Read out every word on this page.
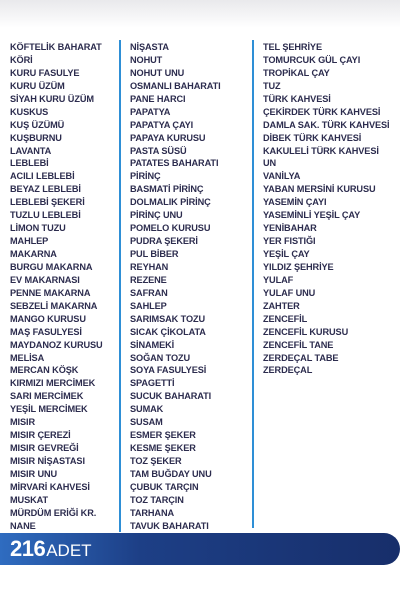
KÖFTELİK BAHARAT
KÖRİ
KURU FASULYE
KURU ÜZÜM
SİYAH KURU ÜZÜM
KUSKUS
KUŞ ÜZÜMÜ
KUŞBURNU
LAVANTA
LEBLEBİ
ACILI LEBLEBİ
BEYAZ LEBLEBİ
LEBLEBİ ŞEKERİ
TUZLU LEBLEBİ
LİMON TUZU
MAHLEP
MAKARNA
BURGU MAKARNA
EV MAKARNASI
PENNE MAKARNA
SEBZELİ MAKARNA
MANGO KURUSU
MAŞ FASULYESİ
MAYDANOZ KURUSU
MELİSA
MERCAN KÖŞK
KIRMIZI MERCİMEK
SARI MERCİMEK
YEŞİL MERCİMEK
MISIR
MISIR ÇEREZİ
MISIR GEVREĞİ
MISIR NİŞASTASI
MISIR UNU
MİRVARİ KAHVESİ
MUSKAT
MÜRDÜM ERİĞİ KR.
NANE
NİŞASTA
NOHUT
NOHUT UNU
OSMANLI BAHARATI
PANE HARCI
PAPATYA
PAPATYA ÇAYI
PAPAYA KURUSU
PASTA SÜSÜ
PATATES BAHARATI
PİRİNÇ
BASMATİ PİRİNÇ
DOLMALIK PİRİNÇ
PİRİNÇ UNU
POMELO KURUSU
PUDRA ŞEKERİ
PUL BİBER
REYHAN
REZENE
SAFRAN
SAHLEP
SARIMSAK TOZU
SICAK ÇİKOLATA
SİNAMEKİ
SOĞAN TOZU
SOYA FASULYESİ
SPAGETTİ
SUCUK BAHARATI
SUMAK
SUSAM
ESMER ŞEKER
KESME ŞEKER
TOZ ŞEKER
TAM BUĞDAY UNU
ÇUBUK TARÇIN
TOZ TARÇIN
TARHANA
TAVUK BAHARATI
TEL ŞEHRİYE
TOMURCUK GÜL ÇAYI
TROPİKAL ÇAY
TUZ
TÜRK KAHVESİ
ÇEKİRDEK TÜRK KAHVESİ
DAMLA SAK. TÜRK KAHVESİ
DİBEK TÜRK KAHVESİ
KAKULELİ TÜRK KAHVESİ
UN
VANİLYA
YABAN MERSİNİ KURUSU
YASEMİN ÇAYI
YASEMİNLİ YEŞİL ÇAY
YENİBAHAR
YER FISTIĞI
YEŞİL ÇAY
YILDIZ ŞEHRİYE
YULAF
YULAF UNU
ZAHTER
ZENCEFİL
ZENCEFİL KURUSU
ZENCEFİL TANE
ZERDEÇAL TABE
ZERDEÇAL
216ADET
